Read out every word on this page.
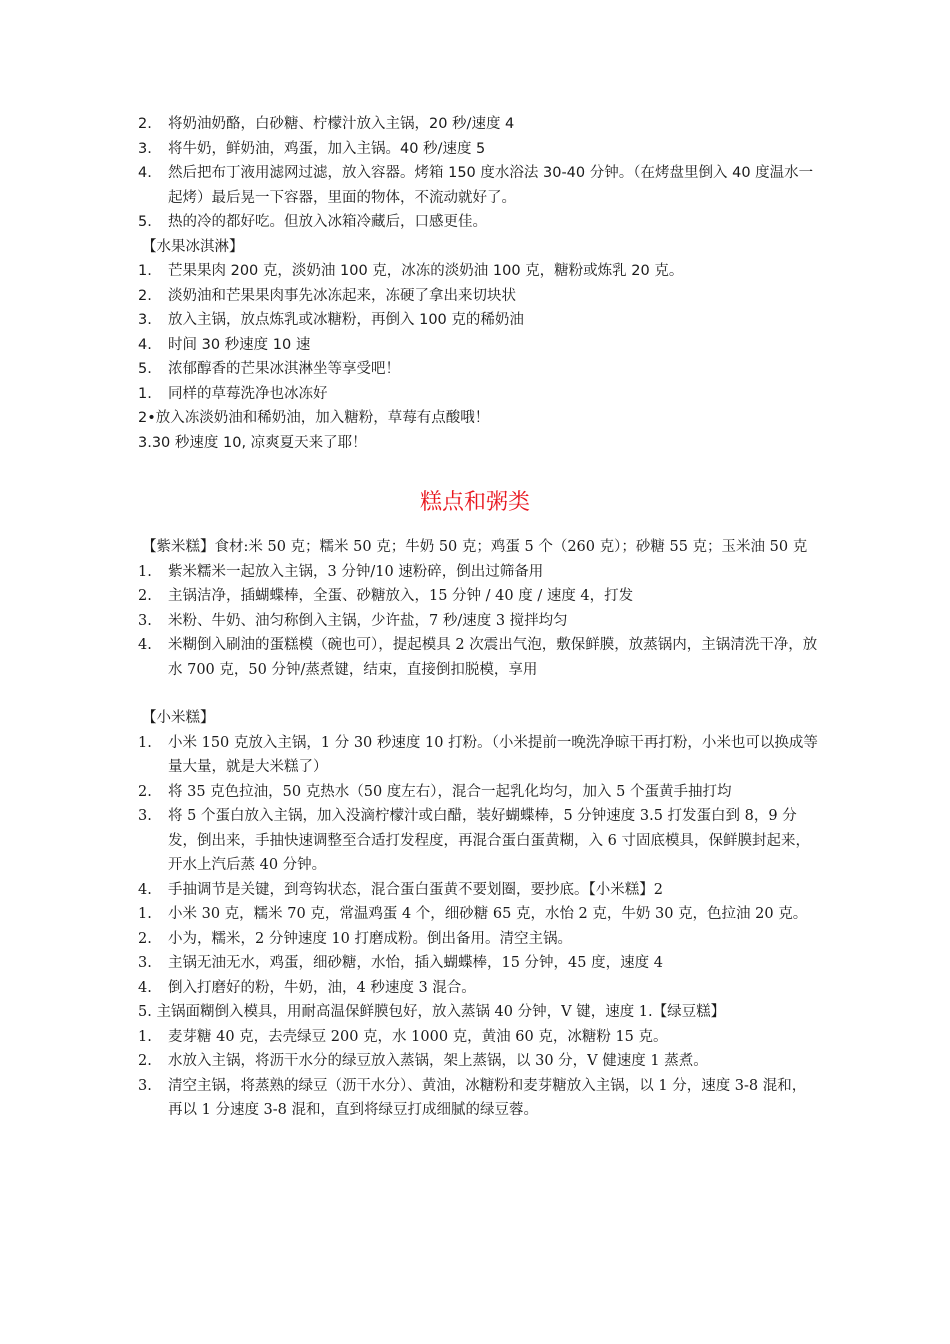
2.	将奶油奶酪，白砂糖、柠檬汁放入主锅，20 秒/速度 4
3.	将牛奶，鲜奶油，鸡蛋，加入主锅。40 秒/速度 5
4.	然后把布丁液用滤网过滤，放入容器。烤箱 150 度水浴法 30-40 分钟。（在烤盘里倒入 40 度温水一起烤）最后晃一下容器，里面的物体，不流动就好了。
5.	热的冷的都好吃。但放入冰箱冷藏后，口感更佳。
【水果冰淇淋】
1.	芒果果肉 200 克，淡奶油 100 克，冰冻的淡奶油 100 克，糖粉或炼乳 20 克。
2.	淡奶油和芒果果肉事先冰冻起来，冻硬了拿出来切块状
3.	放入主锅，放点炼乳或冰糖粉，再倒入 100 克的稀奶油
4.	时间 30 秒速度 10 速
5.	浓郁醇香的芒果冰淇淋坐等享受吧！
1.	同样的草莓洗净也冰冻好
2•放入冻淡奶油和稀奶油，加入糖粉，草莓有点酸哦！
3.30 秒速度 10, 凉爽夏天来了耶！
糕点和粥类
【紫米糕】食材:米 50 克；糯米 50 克；牛奶 50 克；鸡蛋 5 个（260 克）；砂糖 55 克；玉米油 50 克
1.	紫米糯米一起放入主锅，3 分钟/10 速粉碎，倒出过筛备用
2.	主锅洁净，插蝴蝶棒，全蛋、砂糖放入，15 分钟 / 40 度 / 速度 4，打发
3.	米粉、牛奶、油匀称倒入主锅，少许盐，7 秒/速度 3 搅拌均匀
4.	米糊倒入刷油的蛋糕模（碗也可），提起模具 2 次震出气泡，敷保鲜膜，放蒸锅内，主锅清洗干净，放水 700 克，50 分钟/蒸煮键，结束，直接倒扣脱模，享用
【小米糕】
1.	小米 150 克放入主锅，1 分 30 秒速度 10 打粉。（小米提前一晚洗净晾干再打粉，小米也可以换成等量大量，就是大米糕了）
2.	将 35 克色拉油，50 克热水（50 度左右），混合一起乳化均匀，加入 5 个蛋黄手抽打均
3.	将 5 个蛋白放入主锅，加入没滴柠檬汁或白醋，装好蝴蝶棒，5 分钟速度 3.5 打发蛋白到 8，9 分发，倒出来，手抽快速调整至合适打发程度，再混合蛋白蛋黄糊，入 6 寸固底模具，保鲜膜封起来，开水上汽后蒸 40 分钟。
4.	手抽调节是关键，到弯钩状态，混合蛋白蛋黄不要划圈，要抄底。【小米糕】2
1.	小米 30 克，糯米 70 克，常温鸡蛋 4 个，细砂糖 65 克，水怡 2 克，牛奶 30 克，色拉油 20 克。
2.	小为，糯米，2 分钟速度 10 打磨成粉。倒出备用。清空主锅。
3.	主锅无油无水，鸡蛋，细砂糖，水怡，插入蝴蝶棒，15 分钟，45 度，速度 4
4.	倒入打磨好的粉，牛奶，油，4 秒速度 3 混合。
5. 主锅面糊倒入模具，用耐高温保鲜膜包好，放入蒸锅 40 分钟，V 键，速度 1.【绿豆糕】
1.	麦芽糖 40 克，去壳绿豆 200 克，水 1000 克，黄油 60 克，冰糖粉 15 克。
2.	水放入主锅，将沥干水分的绿豆放入蒸锅，架上蒸锅，以 30 分，V 健速度 1 蒸煮。
3.	清空主锅，将蒸熟的绿豆（沥干水分）、黄油，冰糖粉和麦芽糖放入主锅，以 1 分，速度 3-8 混和，再以 1 分速度 3-8 混和，直到将绿豆打成细腻的绿豆蓉。
